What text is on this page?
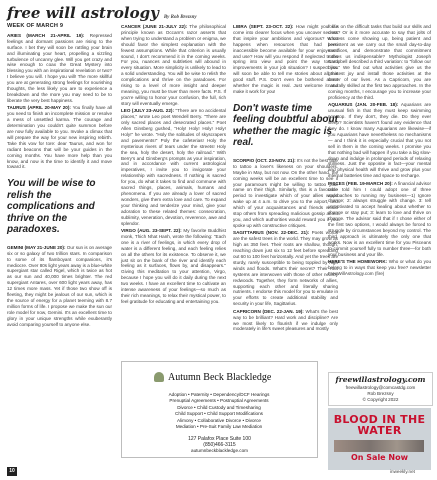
free will astrology By Rob Brezsny
WEEK OF MARCH 9

ARIES (MARCH 21-APRIL 19): Repressed feelings and dormant passions are rising to the surface. I bet they will soon be rattling your brain and illuminating your heart, propelling a sizzling turbulence of uncanny glee. Will you get crazy and wise enough to coax the Great Mystery into blessing you with an inspirational revelation or two? I believe you will. I hope you will! The more skillful you are at generating strong feelings for nourishing thoughts, the less likely you are to experience a breakdown and the more you may need to be to liberate the very best happiness.

TAURUS (APRIL 20-MAY 20): You finally have all you need to finish an incomplete mission or resolve a mess of unsettled karma. The courage and determination you couldn't quite summon before are now fully available to you. Invoke a climax that will prepare the way for your new inspiring rebirth. Take this vow for tore: dear Taurus, and won for radiant beacons that will be your guides in the coming months. You have more help than you know, and now is the time to identify it and move toward it.

You will be wise to relish the complications and thrive on the paradoxes.

GEMINI (MAY 21-JUNE 20): Our sun is on average six or so galaxy of two trillion stars. In comparison to some of its flamboyant companions, it's mediocre. Over 80s light years away is a blue-white supergiant star called Rigel, which is twice as hot as our sun and 40,000 times brighter. The red supergiant Antares, over 600 light years away, has 12 times more mass. Yet if those two show off is fleeting, they might be jealous of our sun, which is the source of energy for a planet teeming with 8.7 million forms of life. I propose we make the sun our role model for now, Gemini. It's an excellent time to glory in your unique strengths while exuberantly avoid comparing yourself to anyone else.

CANCER (JUNE 21-JULY 22): The philosophical principle known as Occam's razor asserts that when trying to understand a problem or enigma, we should favor the simplest explanation with the fewest assumptions. While that criterion is usually sound, I don't recommend it in the coming weeks. For you, nuances and subtleties will abound in every situation. More simplicity is unlikely to lead to a solid understanding. You will be wise to relish the complications and thrive on the paradoxes. For rising to a level of more insight and deeper meaning, you must be truer than mere facts. P.S. If you're willing to honor your confusion, the full, rich story will eventually emerge.

LEO (JULY 23-AUG. 22): "There are no accidental places," wrote Leo poet Wendell Berry. "There are only sacred places and desecrated places." Poet Allen Ginsberg gushed, "Holy! Holy! Holy! Holy! Holy!" he wrote. "Holy the solitudes of skyscrapers and pavements!" Poly the cafeterias! Holy the mysterious rivers of tears under the streets! Holy the sea, holy the desert, holy the railroad." With Berry's and Ginsberg's prompts as your inspiration, and in accordance with current astrological imperatives, I invite you to invigorate your relationship with sacredness. If nothing is sacred for you, do what it takes to find and commune with sacred things, places, animals, humans and phenomena. If you are already a lover of sacred wonders, give them extra love and care. To expand your thinking and tenderize your mind, give your adoration to these related themes: consecration, sublimity, veneration, devotion, reverence, awe and splendor.

VIRGO (AUG. 23-SEPT. 22): My favorite Buddhist monk, Thich Nhat Hanh, wrote the following: "Each one is a river of feelings, in which every drop of water is a different feeling, and each feeling relies on all the others for its existence. To observe it, we just sit on the bank of the river and identify each feeling as it surfaces, flows by, and disappears." Giving this meditation to your attention, Virgo, because I hope you will do it daily during the next two weeks. I have an excellent time to cultivate an intense awareness of your feelings—so much as their rich meanings, to relax their mystical power, to feel gratitude for educating and entertaining you.

LIBRA (SEPT. 23-OCT. 22): How might your life come into clearer focus when you uncover secrets that inspire your ambitions and vigorous? What happens when resources that had been inaccessible become available for your enjoyment and use? How will you respond if neglected truths spring into view and point the way toward improvements in your job situation? I suspect you will soon be able to tell me stories about all this good stuff. P.S. Don't even be bothered about whether the magic is real. Just welcome it and make it work for you!

Don't waste time feeling doubtful about whether the magic is real.

SCORPIO (OCT. 23-NOV. 21): It's not the best time to tattoo a lover's likeness on your shoulders. Maybe in May, but not now. On the other hand, the coming weeks will be an excellent time to see if your paramours might be willing to tattoo your name on their thigh. Similarly, this is a favorable period to investigate which of your allies would wake up at 4 a.m. to drive you to the airport, and which of your acquaintances and friends would stop others from spreading malicious gossip about you, and which authorities would reward you if you spoke up with constructive critiques.

SAGITTARIUS (NOV. 22-DEC. 21): Poets words are the safest trees in the world. They may grow as high as 350 feet. Their roots are shallow, though, reaching down just six to 12 feet before spreading out 60 to 100 feet horizontally. And yet the trees are sturdy, rarely susceptible to being toppled by high winds and floods. What's their secret? Their root systems are interwoven with those of other nearby redwoods. Together, they form networks of allies, supporting each other and literally sharing nutrients. I endorse this model for you to emulate in your efforts to create additional stability and security in your life, Sagittarius.

CAPRICORN (DEC. 22-JAN. 19): What's the best way to be brilliant? Hard work and discipline? Are we most likely to flourish if we indulge only moderately in life's sweet pleasures and mostly

focus on the difficult tasks that build our skills and clout? Or is it more accurate to say that jolts of success come showing up, being patient and persistent as we carry out the small day-to-day sacrifices, and demonstrate that commitment makes us indispensable? Mythologist Joseph Campbell described a third variation: to "follow our bliss." We find out what activities give us the greatest joy and install those activities at the center of our lives. As a Capricorn, you are naturally skilled at the first two approaches. In the coming months, I encourage you to increase your proficiency at the third.

AQUARIUS (JAN. 20-FEB. 18): Aquarians are unusual fish in that they must keep swimming nonstop. If they don't, they die. Do they ever sleep? Scientists haven't found any evidence that they do. I know many Aquarians are likewise—if you Aquarians have nevertheless no mechanisms— and I think it is especially crucial that you not sell in them in the coming weeks. I promise you that nothing bad will happen if you take a big slow-down and indulge in prolonged periods of relaxing stillness. Just the opposite in fact—your mental and physical health will thrive and grow plus your internal batteries time and space to recharge.

PISCES (FEB. 19-MARCH 20): A financial advisor once told him I could adopt one of three approaches to running my business—1) Ignore change; 2: always struggle with change. 3: tell unmotivated to accept healing about whether to change or stay put; 3: learn to love and thrive on change. The advisor said that if I chose either of the first two options, I would always be forced to struggle by circumstances beyond my control. The third approach is ultimately the only one that works. Now is an excellent time for you Pisceans to commit yourself fully to number three—for both your business and your life.

HERE'S THE HOMEWORK: Who or what do you belong to in ways that keep you free? newsletter FreeWillAstrology.com (fire)

Autumn Beck Blackledge
Adoption • Paternity • Dependency/DCF Hearings
Prenuptial Agreements • Postnuptial Agreements
Divorce • Child Custody and Timesharing
Child Support • Child Support Modifications
Alimony • Collaborative Divorce • Divorce
Mediation • Pre-Suit Family Law Mediation
127 Palafox Place Suite 100
(850)466-3115
autumnbeckblackledge.com
freewillastrology.com
freewillastrology@comcastdg.com
Rob Brezsny
© Copyright 2022
BLOOD IN THE WATER
On Sale Now
10	inweekly.net
